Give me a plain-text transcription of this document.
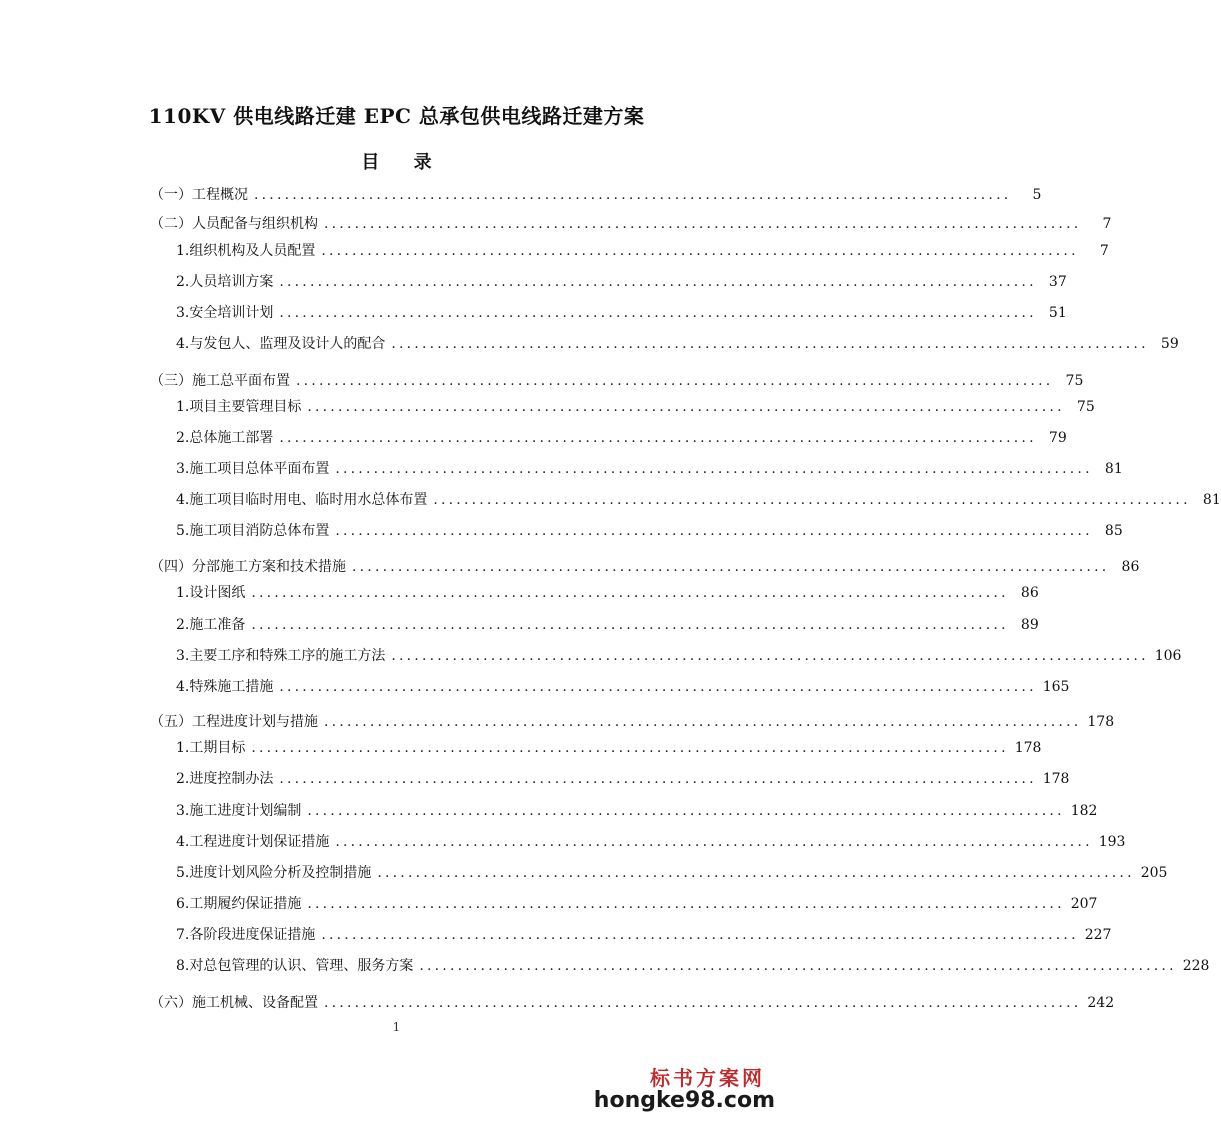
110KV 供电线路迁建 EPC 总承包供电线路迁建方案
目 录
（一）工程概况 ...................................................................................................	5
（二）人员配备与组织机构 ...................................................................................................	7
1. 组织机构及人员配置 ...................................................................................................	7
2. 人员培训方案 ................................................................................................... 37
3. 安全培训计划 ................................................................................................... 51
4. 与发包人、监理及设计人的配合 ................................................................................................... 59
（三）施工总平面布置 ................................................................................................... 75
1.项目主要管理目标 ................................................................................................... 75
2.总体施工部署 ................................................................................................... 79
3.施工项目总体平面布置 ................................................................................................... 81
4.施工项目临时用电、临时用水总体布置 ................................................................................................... 81
5.施工项目消防总体布置 ................................................................................................... 85
（四）分部施工方案和技术措施 ................................................................................................... 86
1.设计图纸 ................................................................................................... 86
2.施工准备 ................................................................................................... 89
3.主要工序和特殊工序的施工方法 ................................................................................................... 106
4.特殊施工措施 ................................................................................................... 165
（五）工程进度计划与措施 ................................................................................................... 178
1.工期目标 ................................................................................................... 178
2.进度控制办法 ................................................................................................... 178
3.施工进度计划编制 ................................................................................................... 182
4.工程进度计划保证措施 ................................................................................................... 193
5.进度计划风险分析及控制措施 ................................................................................................... 205
6.工期履约保证措施 ................................................................................................... 207
7.各阶段进度保证措施 ................................................................................................... 227
8.对总包管理的认识、管理、服务方案 ................................................................................................... 228
（六）施工机械、设备配置 ................................................................................................... 242
1
标书方案网
hongke98.com
